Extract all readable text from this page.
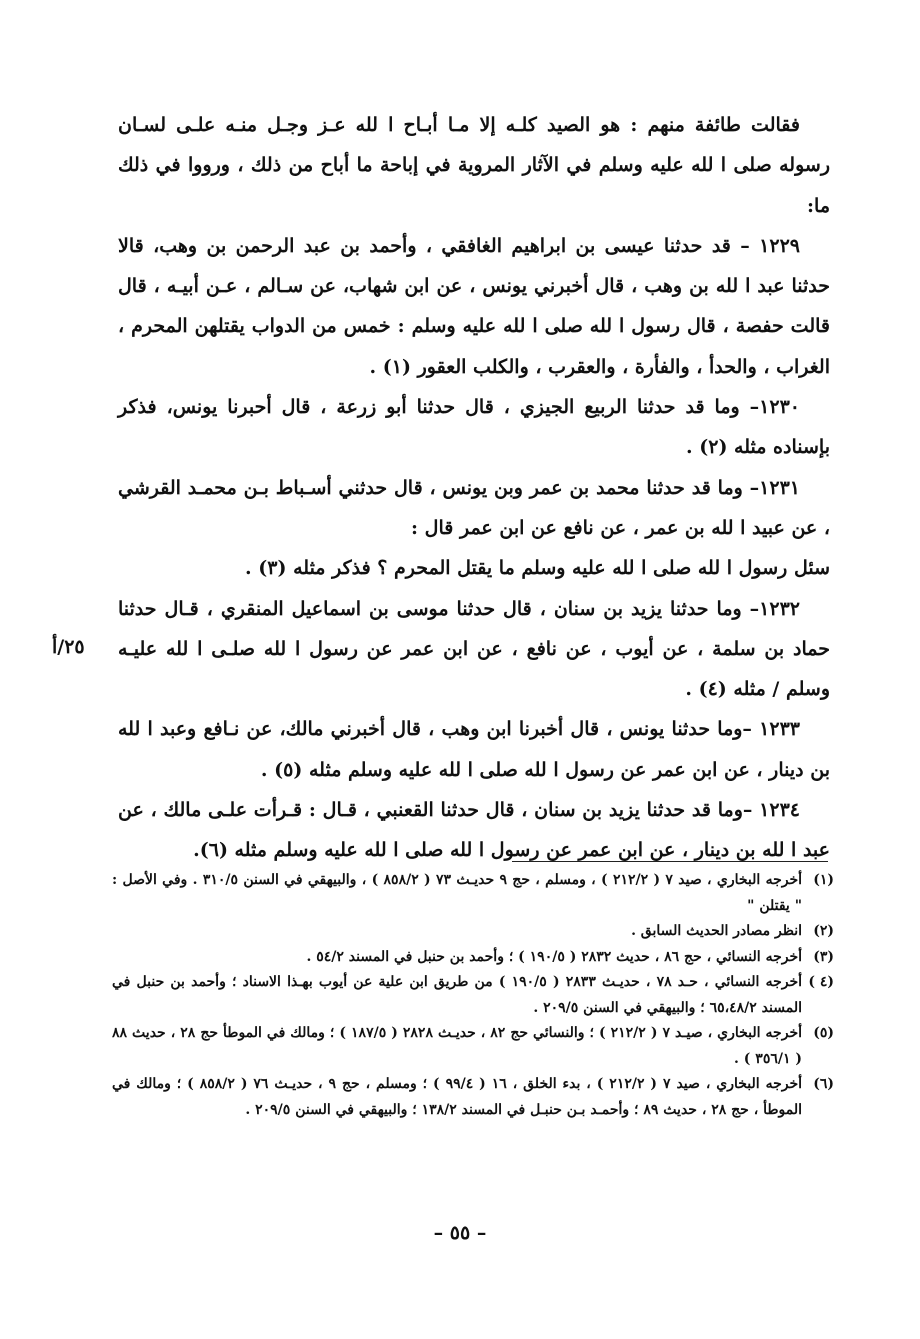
فقالت طائفة منهم : هو الصيد كلـه إلا مـا أبـاح ا لله عـز وجـل منـه علـى لسـان رسوله صلى ا لله عليه وسلم في الآثار المروية في إباحة ما أباح من ذلك ، ورووا في ذلك ما:

١٢٢٩ – قد حدثنا عيسى بن ابراهيم الغافقي ، وأحمد بن عبد الرحمن بن وهب، قالا حدثنا عبد ا لله بن وهب ، قال أخبرني يونس ، عن ابن شهاب، عن سـالم ، عـن أبيـه ، قال قالت حفصة ، قال رسول ا لله صلى ا لله عليه وسلم : خمس من الدواب يقتلهن المحرم ، الغراب ، والحدأ ، والفأرة ، والعقرب ، والكلب العقور (١) .

١٢٣٠– وما قد حدثنا الربيع الجيزي ، قال حدثنا أبو زرعة ، قال أحبرنا يونس، فذكر بإسناده مثله (٢) .

١٢٣١– وما قد حدثنا محمد بن عمر وبن يونس ، قال حدثني أسـباط بـن محمـد القرشي ، عن عبيد ا لله بن عمر ، عن نافع عن ابن عمر قال :

سئل رسول ا لله صلى ا لله عليه وسلم ما يقتل المحرم ؟ فذكر مثله (٣) .

١٢٣٢– وما حدثنا يزيد بن سنان ، قال حدثنا موسى بن اسماعيل المنقري ، قـال حدثنا حماد بن سلمة ، عن أيوب ، عن نافع ، عن ابن عمر عن رسول ا لله صلـى ا لله عليـه وسلم / مثله (٤) .

١٢٣٣ –وما حدثنا يونس ، قال أخبرنا ابن وهب ، قال أخبرني مالك، عن نـافع وعبد ا لله بن دينار ، عن ابن عمر عن رسول ا لله صلى ا لله عليه وسلم مثله (٥) .

١٢٣٤ –وما قد حدثنا يزيد بن سنان ، قال حدثنا القعنبي ، قـال : قـرأت علـى مالك ، عن عبد ا لله بن دينار ، عن ابن عمر عن رسول ا لله صلى ا لله عليه وسلم مثله (٦).

٢٥/أ
(١)
أخرجه البخاري ، صيد ٧ ( ٢١٢/٢ ) ، ومسلم ، حج ٩ حديـث ٧٣ ( ٨٥٨/٢ ) ، والبيهقي في السنن ٣١٠/٥ . وفي الأصل : " يقتلن "
(٢)
انظر مصادر الحديث السابق .
(٣)
أخرجه النسائي ، حج ٨٦ ، حديث ٢٨٣٢ ( ١٩٠/٥ ) ؛ وأحمد بن حنبل في المسند ٥٤/٢ .
(٤ )
أخرجه النسائي ، حـد ٧٨ ، حديـث ٢٨٣٣ ( ١٩٠/٥ ) من طريق ابن علية عن أيوب بهـذا الاسناد ؛ وأحمد بن حنبل في المسند ٦٥،٤٨/٢ ؛ والبيهقي في السنن ٢٠٩/٥ .
(٥)
أخرجه البخاري ، صيـد ٧ ( ٢١٢/٢ ) ؛ والنسائي حج ٨٢ ، حديـث ٢٨٢٨ ( ١٨٧/٥ ) ؛ ومالك في الموطأ حج ٢٨ ، حديث ٨٨ ( ٣٥٦/١ ) .
(٦)
أخرجه البخاري ، صيد ٧ ( ٢١٢/٢ ) ، بدء الخلق ، ١٦ ( ٩٩/٤ ) ؛ ومسلم ، حج ٩ ، حديـث ٧٦ ( ٨٥٨/٢ ) ؛ ومالك في الموطأ ، حج ٢٨ ، حديث ٨٩ ؛ وأحمـد بـن حنبـل في المسند ١٣٨/٢ ؛ والبيهقي في السنن ٢٠٩/٥ .
– ٥٥ –
